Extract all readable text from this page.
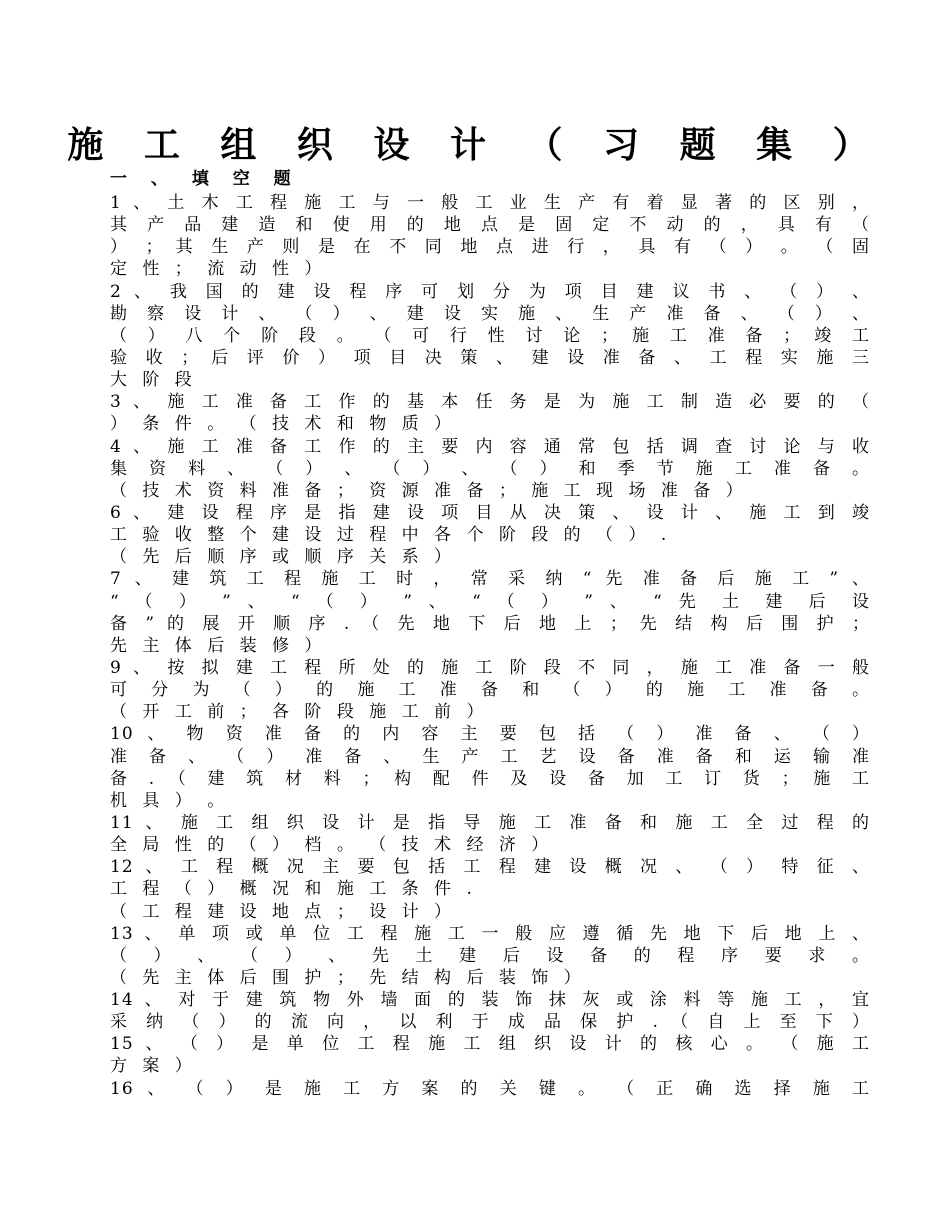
施 工 组 织 设 计 （ 习 题 集 ）
一 、 填 空 题
1 、 土 木 工 程 施 工 与 一 般 工 业 生 产 有 着 显 著 的 区 别 ，
其 产 品 建 造 和 使 用 的 地 点 是 固 定 不 动 的 ， 具 有 （
） ； 其 生 产 则 是 在 不 同 地 点 进 行 ， 具 有 （ ） 。 （ 固
定 性 ； 流 动 性 ）
2 、 我 国 的 建 设 程 序 可 划 分 为 项 目 建 议 书 、 （ ） 、
勘 察 设 计 、 （ ） 、 建 设 实 施 、 生 产 准 备 、 （ ） 、
（ ） 八 个 阶 段 。 （ 可 行 性 讨 论 ； 施 工 准 备 ； 竣 工
验 收 ； 后 评 价 ） 项 目 决 策 、 建 设 准 备 、 工 程 实 施 三
大 阶 段
3 、 施 工 准 备 工 作 的 基 本 任 务 是 为 施 工 制 造 必 要 的 （
） 条 件 。 （ 技 术 和 物 质 ）
4 、 施 工 准 备 工 作 的 主 要 内 容 通 常 包 括 调 查 讨 论 与 收
集 资 料 、 （ ） 、 （ ） 、 （ ） 和 季 节 施 工 准 备 。
（ 技 术 资 料 准 备 ； 资 源 准 备 ； 施 工 现 场 准 备 ）
6 、 建 设 程 序 是 指 建 设 项 目 从 决 策 、 设 计 、 施 工 到 竣
工 验 收 整 个 建 设 过 程 中 各 个 阶 段 的 （ ） .
（ 先 后 顺 序 或 顺 序 关 系 ）
7 、 建 筑 工 程 施 工 时 ， 常 采 纳 “ 先 准 备 后 施 工 ” 、
“ （ ） ” 、 “ （ ） ” 、 “ （ ） ” 、 “ 先 土 建 后 设
备 ” 的 展 开 顺 序 . （ 先 地 下 后 地 上 ； 先 结 构 后 围 护 ；
先 主 体 后 装 修 ）
9 、 按 拟 建 工 程 所 处 的 施 工 阶 段 不 同 ， 施 工 准 备 一 般
可 分 为 （ ） 的 施 工 准 备 和 （ ） 的 施 工 准 备 。
（ 开 工 前 ； 各 阶 段 施 工 前 ）
10 、 物 资 准 备 的 内 容 主 要 包 括 （ ） 准 备 、 （ ）
准 备 、 （ ） 准 备 、 生 产 工 艺 设 备 准 备 和 运 输 准
备 . （ 建 筑 材 料 ； 构 配 件 及 设 备 加 工 订 货 ； 施 工
机 具 ） 。
11 、 施 工 组 织 设 计 是 指 导 施 工 准 备 和 施 工 全 过 程 的
全 局 性 的 （ ） 档 。 （ 技 术 经 济 ）
12 、 工 程 概 况 主 要 包 括 工 程 建 设 概 况 、 （ ） 特 征 、
工 程 （ ） 概 况 和 施 工 条 件 .
（ 工 程 建 设 地 点 ； 设 计 ）
13 、 单 项 或 单 位 工 程 施 工 一 般 应 遵 循 先 地 下 后 地 上 、
（ ） 、 （ ） 、 先 土 建 后 设 备 的 程 序 要 求 。
（ 先 主 体 后 围 护 ； 先 结 构 后 装 饰 ）
14 、 对 于 建 筑 物 外 墙 面 的 装 饰 抹 灰 或 涂 料 等 施 工 ， 宜
采 纳 （ ） 的 流 向 ， 以 利 于 成 品 保 护 . （ 自 上 至 下 ）
15 、 （ ） 是 单 位 工 程 施 工 组 织 设 计 的 核 心 。 （ 施 工
方 案 ）
16 、 （ ） 是 施 工 方 案 的 关 键 。 （ 正 确 选 择 施 工
